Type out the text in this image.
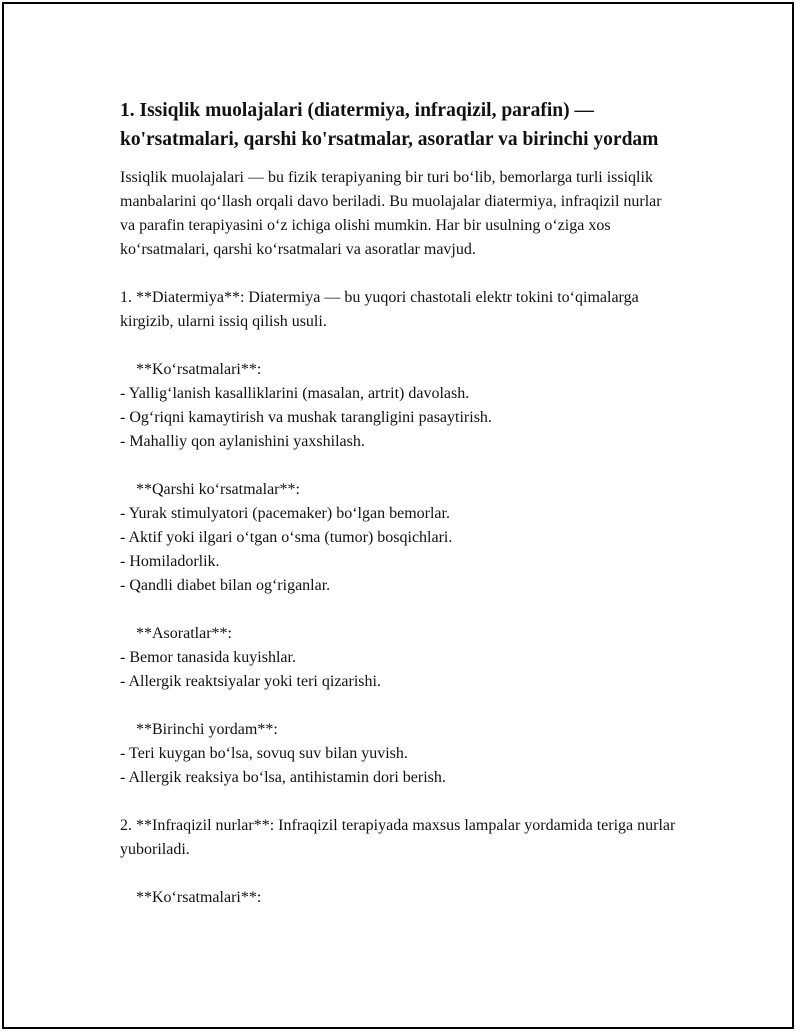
1. Issiqlik muolajalari (diatermiya, infraqizil, parafin) — ko'rsatmalari, qarshi ko'rsatmalar, asoratlar va birinchi yordam

Issiqlik muolajalari — bu fizik terapiyaning bir turi bo‘lib, bemorlarga turli issiqlik manbalarini qo‘llash orqali davo beriladi. Bu muolajalar diatermiya, infraqizil nurlar va parafin terapiyasini o‘z ichiga olishi mumkin. Har bir usulning o‘ziga xos ko‘rsatmalari, qarshi ko‘rsatmalari va asoratlar mavjud.

1. **Diatermiya**: Diatermiya — bu yuqori chastotali elektr tokini to‘qimalarga kirgizib, ularni issiq qilish usuli.

**Ko‘rsatmalari**:
- Yallig‘lanish kasalliklarini (masalan, artrit) davolash.
- Og‘riqni kamaytirish va mushak tarangligini pasaytirish.
- Mahalliy qon aylanishini yaxshilash.
**Qarshi ko‘rsatmalar**:
- Yurak stimulyatori (pacemaker) bo‘lgan bemorlar.
- Aktif yoki ilgari o‘tgan o‘sma (tumor) bosqichlari.
- Homiladorlik.
- Qandli diabet bilan og‘riganlar.
**Asoratlar**:
- Bemor tanasida kuyishlar.
- Allergik reaktsiyalar yoki teri qizarishi.
**Birinchi yordam**:
- Teri kuygan bo‘lsa, sovuq suv bilan yuvish.
- Allergik reaksiya bo‘lsa, antihistamin dori berish.

2. **Infraqizil nurlar**: Infraqizil terapiyada maxsus lampalar yordamida teriga nurlar yuboriladi.

**Ko‘rsatmalari**:
